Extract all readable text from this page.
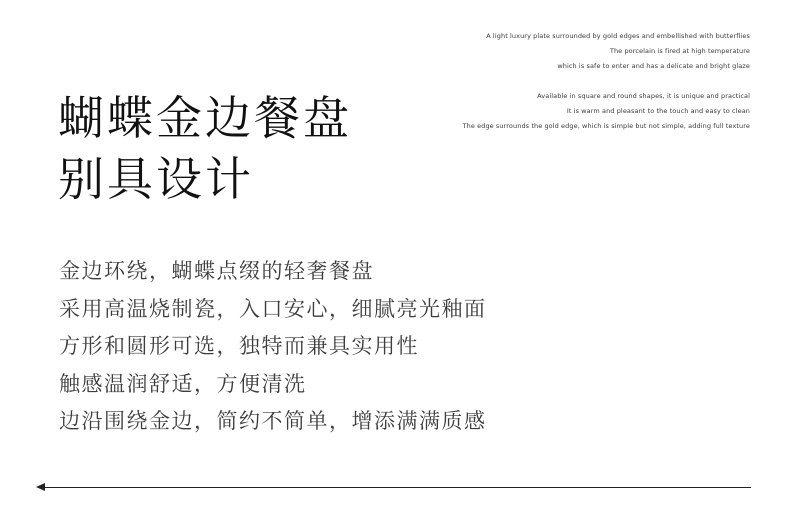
A light luxury plate surrounded by gold edges and embellished with butterflies
The porcelain is fired at high temperature
which is safe to enter and has a delicate and bright glaze
Available in square and round shapes, it is unique and practical
It is warm and pleasant to the touch and easy to clean
The edge surrounds the gold edge, which is simple but not simple, adding full texture
蝴蝶金边餐盘
别具设计
金边环绕，蝴蝶点缀的轻奢餐盘
采用高温烧制瓷，入口安心，细腻亮光釉面
方形和圆形可选，独特而兼具实用性
触感温润舒适，方便清洗
边沿围绕金边，简约不简单，增添满满质感
